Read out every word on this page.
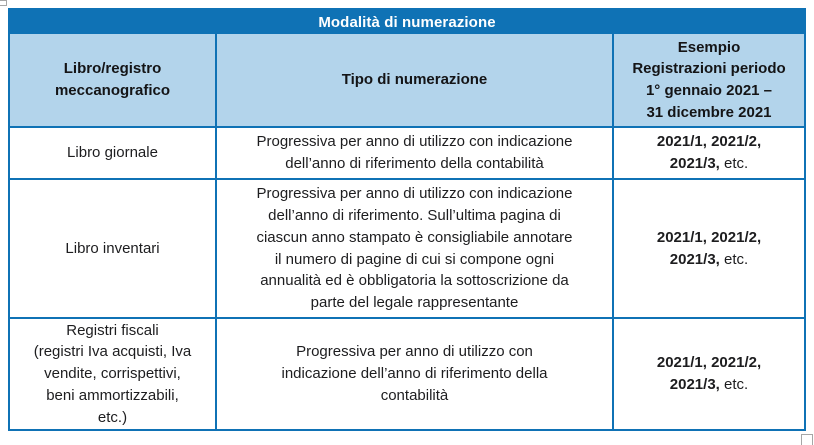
Modalità di numerazione
Libro/registro
meccanografico
Tipo di numerazione
Esempio
Registrazioni periodo
1° gennaio 2021 –
31 dicembre 2021
Libro giornale
Progressiva per anno di utilizzo con indicazione
dell’anno di riferimento della contabilità
2021/1, 2021/2,
2021/3, etc.
Libro inventari
Progressiva per anno di utilizzo con indicazione
dell’anno di riferimento. Sull’ultima pagina di
ciascun anno stampato è consigliabile annotare
il numero di pagine di cui si compone ogni
annualità ed è obbligatoria la sottoscrizione da
parte del legale rappresentante
2021/1, 2021/2,
2021/3, etc.
Registri fiscali
(registri Iva acquisti, Iva
vendite, corrispettivi,
beni ammortizzabili,
etc.)
Progressiva per anno di utilizzo con
indicazione dell’anno di riferimento della
contabilità
2021/1, 2021/2,
2021/3, etc.
